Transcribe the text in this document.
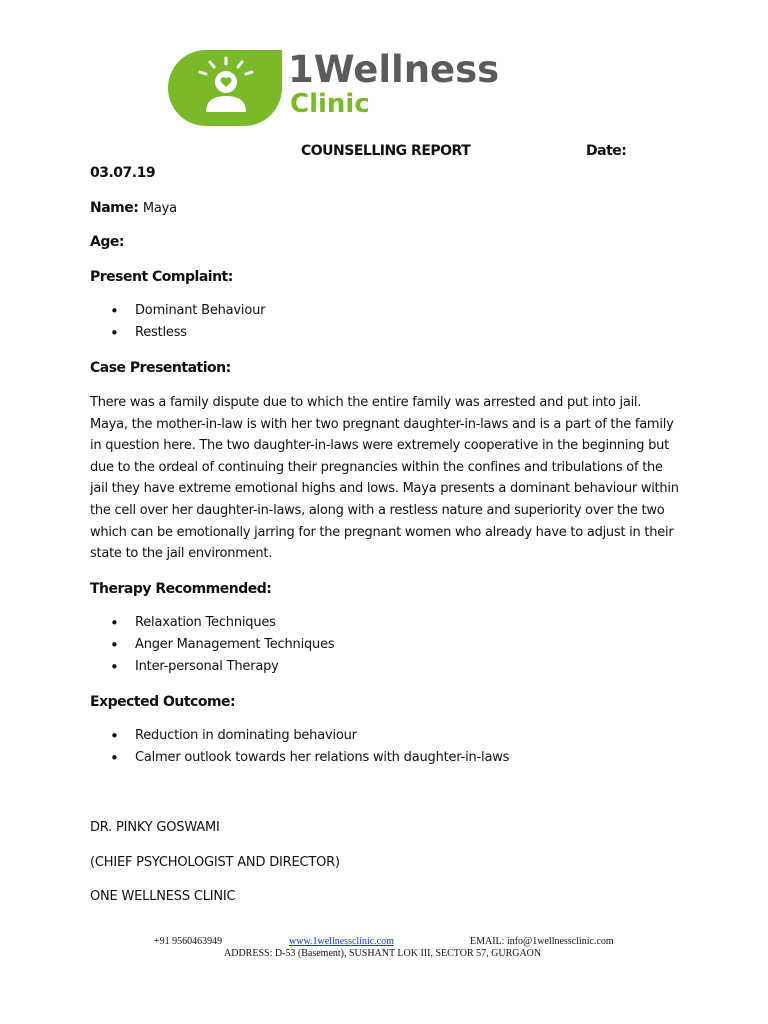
1Wellness
Clinic
COUNSELLING REPORT	Date:
03.07.19
Name: Maya
Age:
Present Complaint:
• Dominant Behaviour
• Restless
Case Presentation:

There was a family dispute due to which the entire family was arrested and put into jail. Maya, the mother-in-law is with her two pregnant daughter-in-laws and is a part of the family in question here. The two daughter-in-laws were extremely cooperative in the beginning but due to the ordeal of continuing their pregnancies within the confines and tribulations of the jail they have extreme emotional highs and lows. Maya presents a dominant behaviour within the cell over her daughter-in-laws, along with a restless nature and superiority over the two which can be emotionally jarring for the pregnant women who already have to adjust in their state to the jail environment.

Therapy Recommended:
• Relaxation Techniques
• Anger Management Techniques
• Inter-personal Therapy
Expected Outcome:
• Reduction in dominating behaviour
• Calmer outlook towards her relations with daughter-in-laws
DR. PINKY GOSWAMI
(CHIEF PSYCHOLOGIST AND DIRECTOR)
ONE WELLNESS CLINIC
+91 9560463949	www.1wellnessclinic.com	EMAIL: info@1wellnessclinic.com
ADDRESS: D-53 (Basement), SUSHANT LOK III, SECTOR 57, GURGAON
